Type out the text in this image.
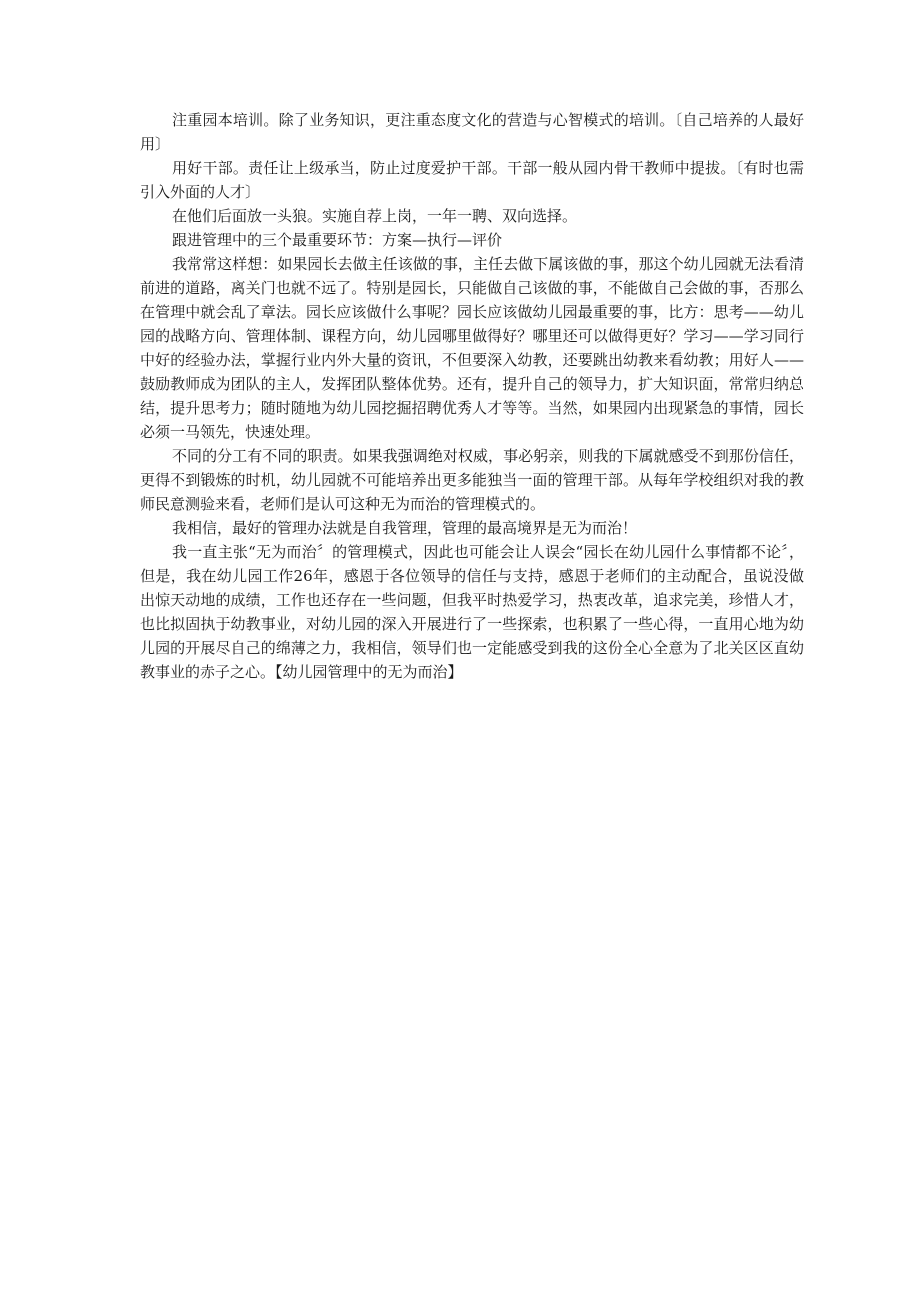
注重园本培训。除了业务知识，更注重态度文化的营造与心智模式的培训。〔自己培养的人最好用〕

用好干部。责任让上级承当，防止过度爱护干部。干部一般从园内骨干教师中提拔。〔有时也需引入外面的人才〕

在他们后面放一头狼。实施自荐上岗，一年一聘、双向选择。

跟进管理中的三个最重要环节：方案—执行—评价

我常常这样想：如果园长去做主任该做的事，主任去做下属该做的事，那这个幼儿园就无法看清前进的道路，离关门也就不远了。特别是园长，只能做自己该做的事，不能做自己会做的事，否那么在管理中就会乱了章法。园长应该做什么事呢？园长应该做幼儿园最重要的事，比方：思考——幼儿园的战略方向、管理体制、课程方向，幼儿园哪里做得好？哪里还可以做得更好？学习——学习同行中好的经验办法，掌握行业内外大量的资讯，不但要深入幼教，还要跳出幼教来看幼教；用好人——鼓励教师成为团队的主人，发挥团队整体优势。还有，提升自己的领导力，扩大知识面，常常归纳总结，提升思考力；随时随地为幼儿园挖掘招聘优秀人才等等。当然，如果园内出现紧急的事情，园长必须一马领先，快速处理。

不同的分工有不同的职责。如果我强调绝对权威，事必躬亲，则我的下属就感受不到那份信任，更得不到锻炼的时机，幼儿园就不可能培养出更多能独当一面的管理干部。从每年学校组织对我的教师民意测验来看，老师们是认可这种无为而治的管理模式的。

我相信，最好的管理办法就是自我管理，管理的最高境界是无为而治！

我一直主张“无为而治〞的管理模式，因此也可能会让人误会“园长在幼儿园什么事情都不论〞，但是，我在幼儿园工作26年，感恩于各位领导的信任与支持，感恩于老师们的主动配合，虽说没做出惊天动地的成绩，工作也还存在一些问题，但我平时热爱学习，热衷改革，追求完美，珍惜人才，也比拟固执于幼教事业，对幼儿园的深入开展进行了一些探索，也积累了一些心得，一直用心地为幼儿园的开展尽自己的绵薄之力，我相信，领导们也一定能感受到我的这份全心全意为了北关区区直幼教事业的赤子之心。【幼儿园管理中的无为而治】
